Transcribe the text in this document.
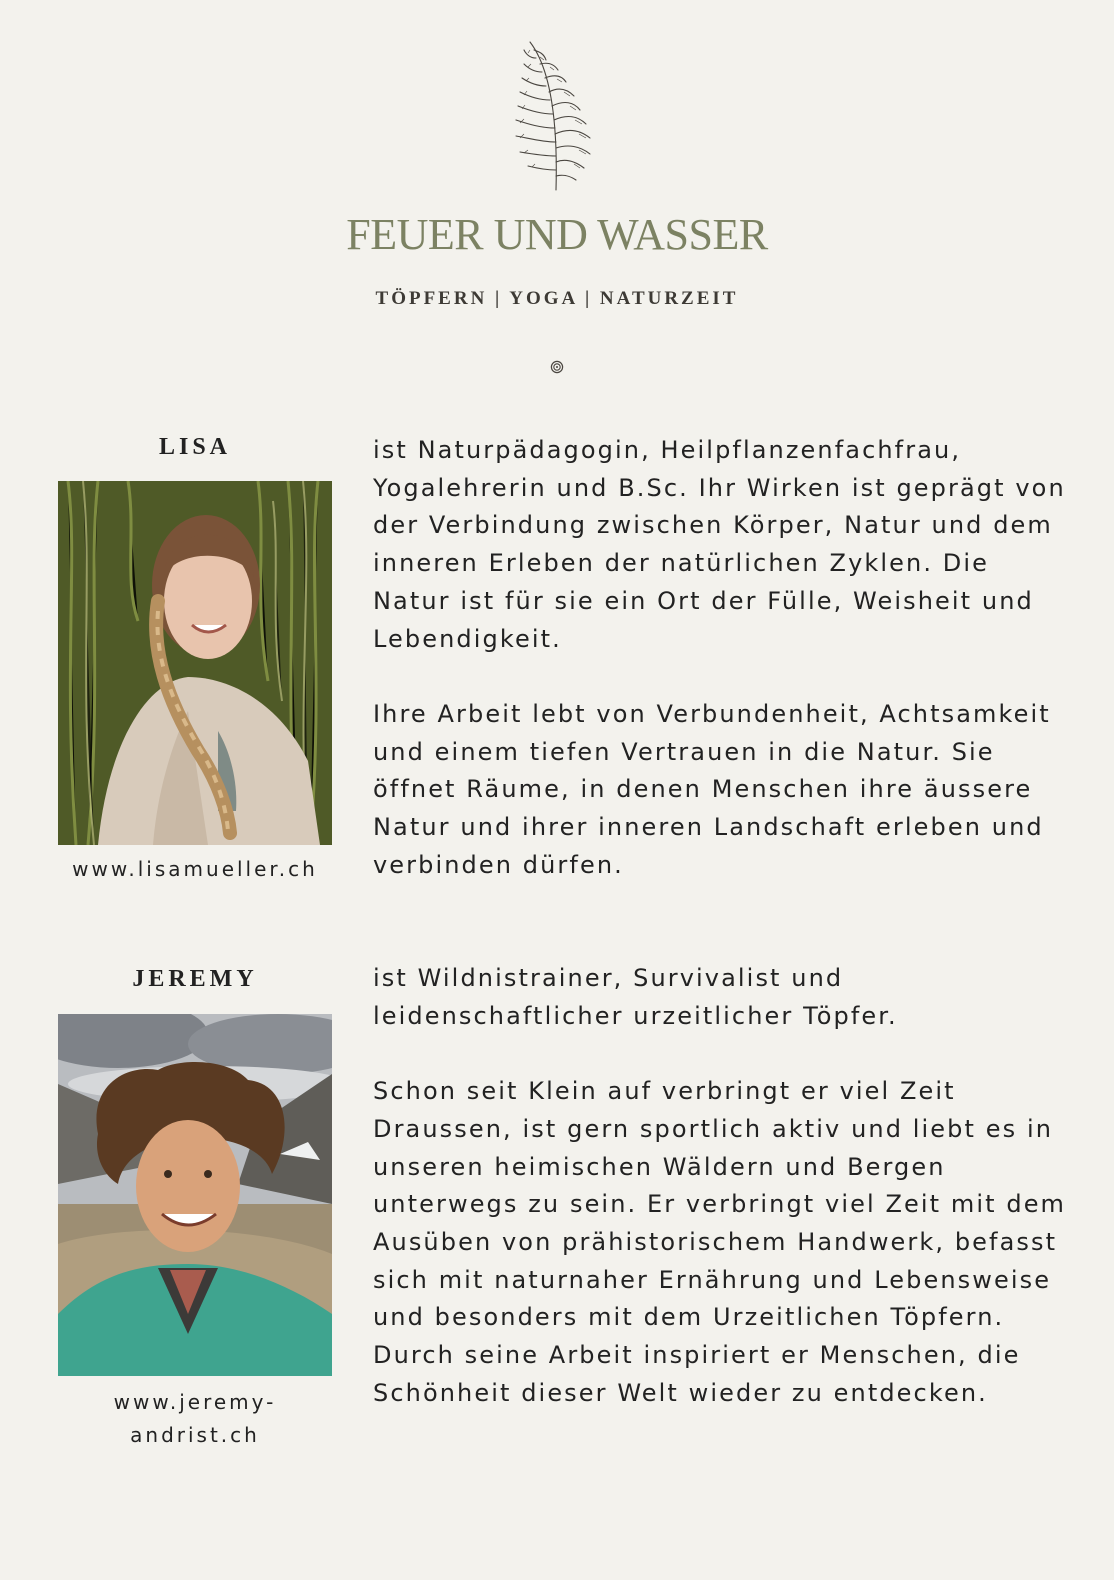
FEUER UND WASSER
TÖPFERN | YOGA | NATURZEIT
LISA
www.lisamueller.ch

ist Naturpädagogin, Heilpflanzenfachfrau, Yogalehrerin und B.Sc. Ihr Wirken ist geprägt von der Verbindung zwischen Körper, Natur und dem inneren Erleben der natürlichen Zyklen. Die Natur ist für sie ein Ort der Fülle, Weisheit und Lebendigkeit.

Ihre Arbeit lebt von Verbundenheit, Achtsamkeit und einem tiefen Vertrauen in die Natur. Sie öffnet Räume, in denen Menschen ihre äussere Natur und ihrer inneren Landschaft erleben und verbinden dürfen.

JEREMY
www.jeremy-andrist.ch

ist Wildnistrainer, Survivalist und leidenschaftlicher urzeitlicher Töpfer.

Schon seit Klein auf verbringt er viel Zeit Draussen, ist gern sportlich aktiv und liebt es in unseren heimischen Wäldern und Bergen unterwegs zu sein. Er verbringt viel Zeit mit dem Ausüben von prähistorischem Handwerk, befasst sich mit naturnaher Ernährung und Lebensweise und besonders mit dem Urzeitlichen Töpfern. Durch seine Arbeit inspiriert er Menschen, die Schönheit dieser Welt wieder zu entdecken.
